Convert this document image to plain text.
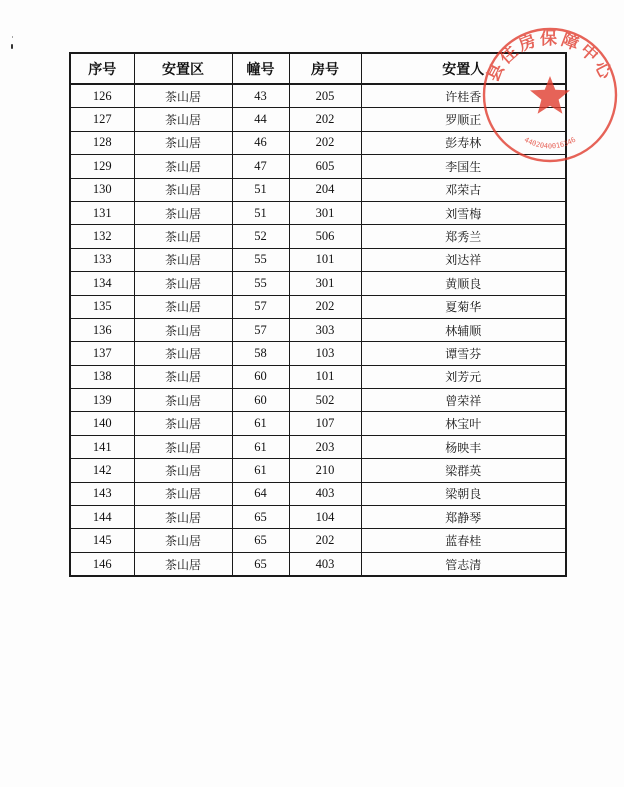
序号	安置区	幢号	房号	安置人
126	茶山居	43	205	许桂香
127	茶山居	44	202	罗顺正
128	茶山居	46	202	彭寿林
129	茶山居	47	605	李国生
130	茶山居	51	204	邓荣古
131	茶山居	51	301	刘雪梅
132	茶山居	52	506	郑秀兰
133	茶山居	55	101	刘达祥
134	茶山居	55	301	黄顺良
135	茶山居	57	202	夏菊华
136	茶山居	57	303	林辅顺
137	茶山居	58	103	谭雪芬
138	茶山居	60	101	刘芳元
139	茶山居	60	502	曾荣祥
140	茶山居	61	107	林宝叶
141	茶山居	61	203	杨映丰
142	茶山居	61	210	梁群英
143	茶山居	64	403	梁朝良
144	茶山居	65	104	郑静琴
145	茶山居	65	202	蓝春桂
146	茶山居	65	403	管志清
县住房保障中心
4402040016346
